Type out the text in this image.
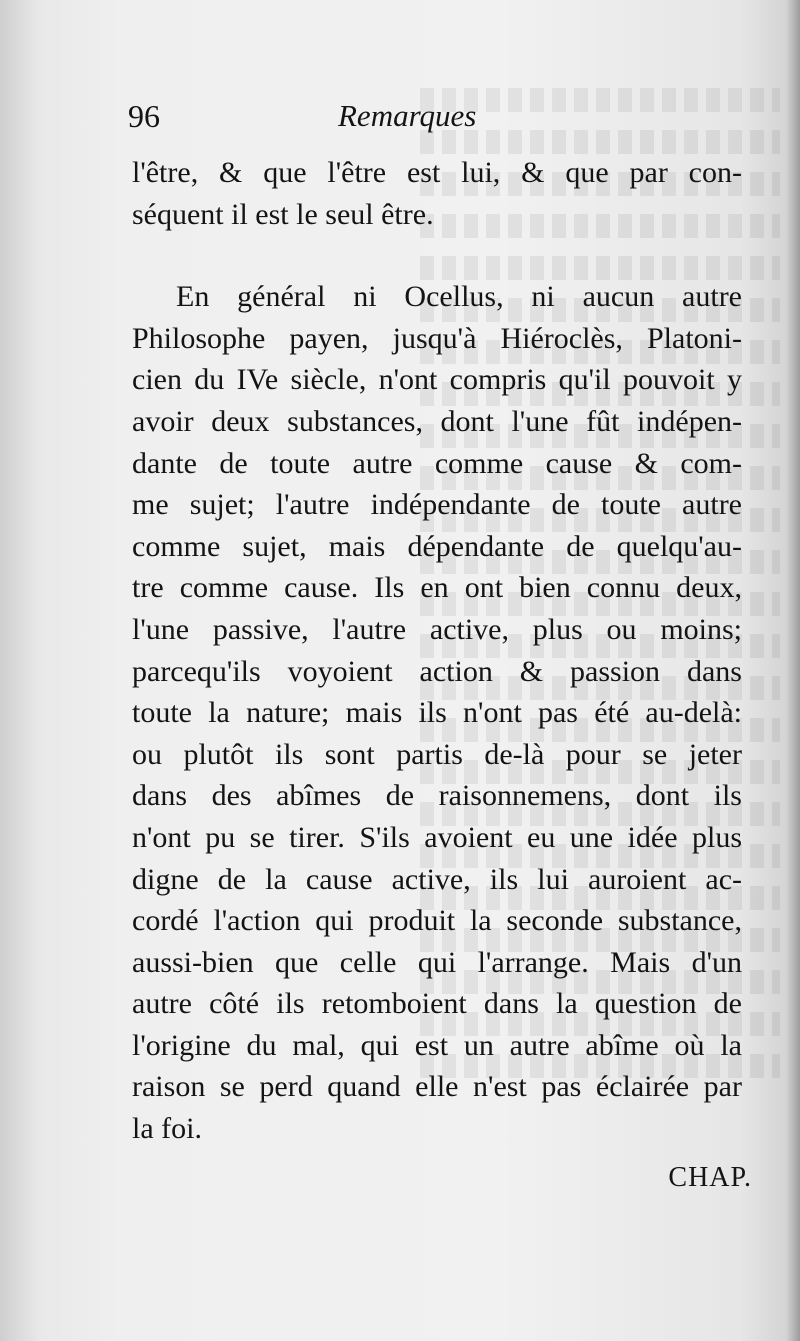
96	Remarques
l'être, & que l'être est lui, & que par con-
séquent il est le seul être.
En général ni Ocellus, ni aucun autre
Philosophe payen, jusqu'à Hiéroclès, Platoni-
cien du IVe siècle, n'ont compris qu'il pouvoit y
avoir deux substances, dont l'une fût indépen-
dante de toute autre comme cause & com-
me sujet; l'autre indépendante de toute autre
comme sujet, mais dépendante de quelqu'au-
tre comme cause. Ils en ont bien connu deux,
l'une passive, l'autre active, plus ou moins;
parcequ'ils voyoient action & passion dans
toute la nature; mais ils n'ont pas été au-delà:
ou plutôt ils sont partis de-là pour se jeter
dans des abîmes de raisonnemens, dont ils
n'ont pu se tirer. S'ils avoient eu une idée plus
digne de la cause active, ils lui auroient ac-
cordé l'action qui produit la seconde substance,
aussi-bien que celle qui l'arrange. Mais d'un
autre côté ils retomboient dans la question de
l'origine du mal, qui est un autre abîme où la
raison se perd quand elle n'est pas éclairée par
la foi.
CHAP.
